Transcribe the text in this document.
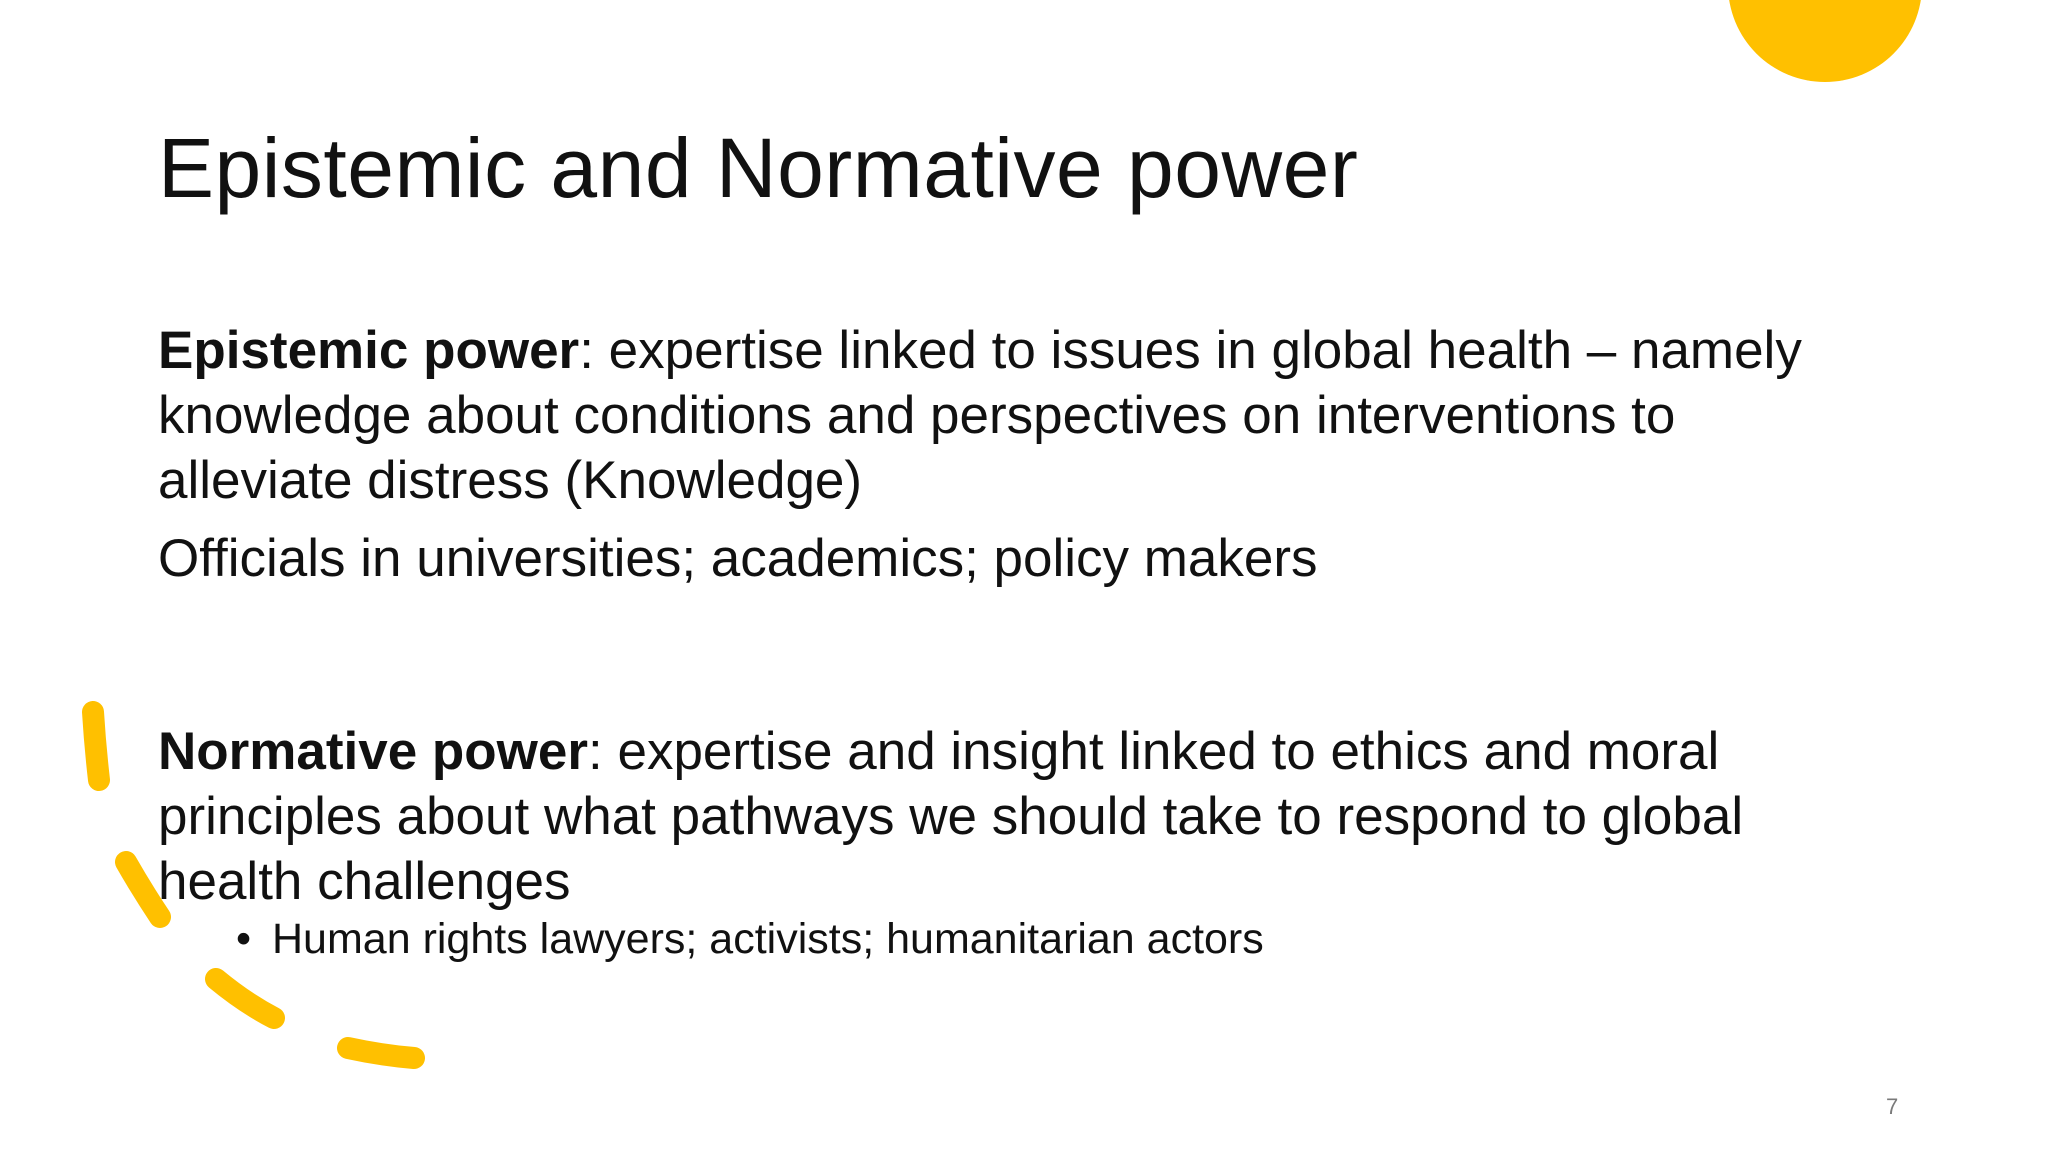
Epistemic and Normative power

Epistemic power: expertise linked to issues in global health – namely knowledge about conditions and perspectives on interventions to alleviate distress (Knowledge)

Officials in universities; academics; policy makers

Normative power: expertise and insight linked to ethics and moral principles about what pathways we should take to respond to global health challenges

• Human rights lawyers; activists; humanitarian actors
7
